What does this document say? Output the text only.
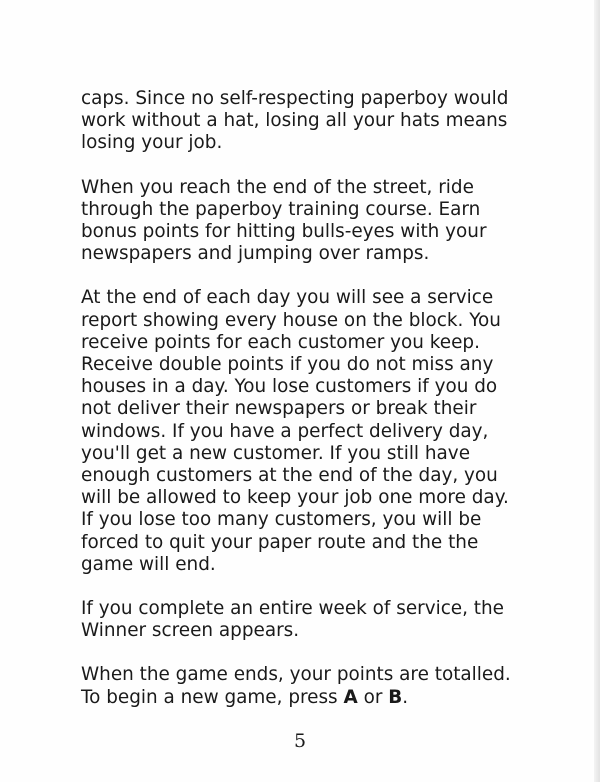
caps. Since no self-respecting paperboy would
work without a hat, losing all your hats means
losing your job.

When you reach the end of the street, ride
through the paperboy training course. Earn
bonus points for hitting bulls-eyes with your
newspapers and jumping over ramps.

At the end of each day you will see a service
report showing every house on the block. You
receive points for each customer you keep.
Receive double points if you do not miss any
houses in a day. You lose customers if you do
not deliver their newspapers or break their
windows. If you have a perfect delivery day,
you'll get a new customer. If you still have
enough customers at the end of the day, you
will be allowed to keep your job one more day.
If you lose too many customers, you will be
forced to quit your paper route and the the
game will end.

If you complete an entire week of service, the
Winner screen appears.

When the game ends, your points are totalled.
To begin a new game, press A or B.

5
